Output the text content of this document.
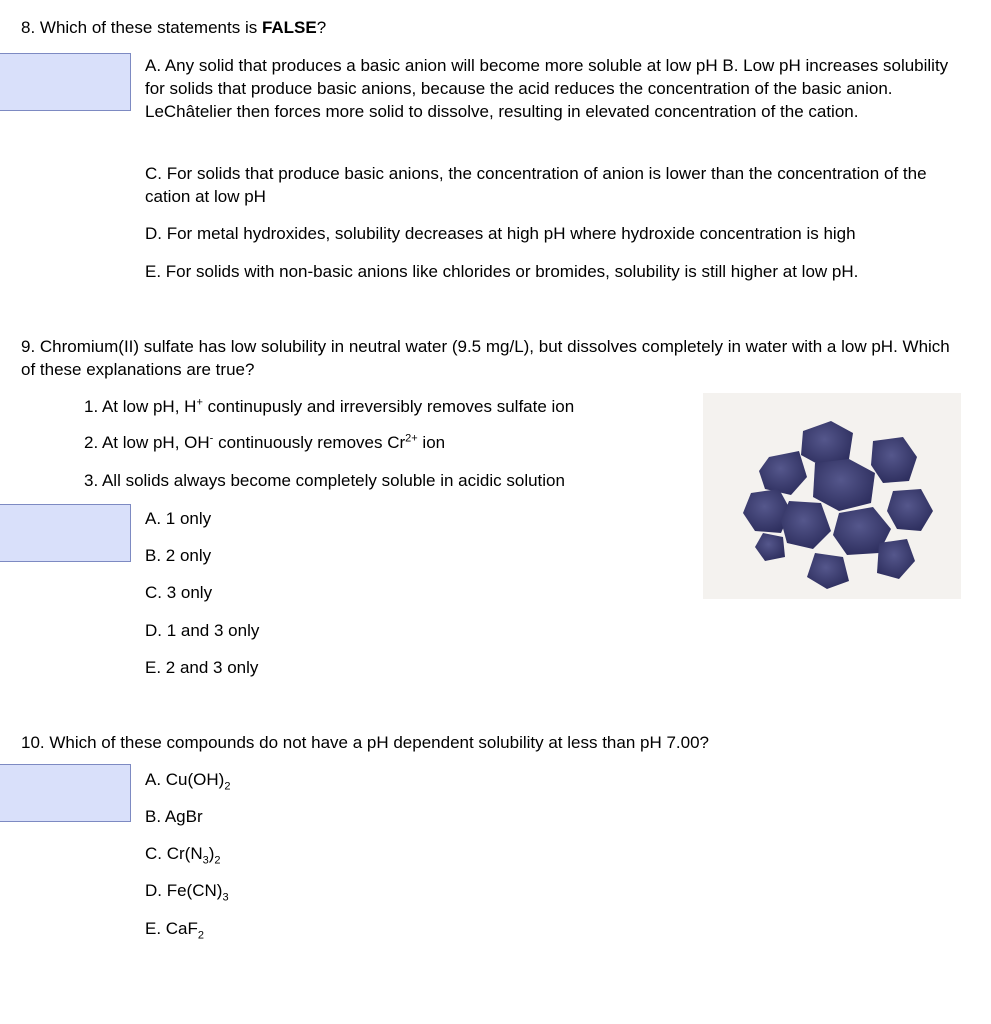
8. Which of these statements is FALSE?
A. Any solid that produces a basic anion will become more soluble at low pH B. Low pH increases solubility for solids that produce basic anions, because the acid reduces the concentration of the basic anion. LeChâtelier then forces more solid to dissolve, resulting in elevated concentration of the cation.
C. For solids that produce basic anions, the concentration of anion is lower than the concentration of the cation at low pH
D. For metal hydroxides, solubility decreases at high pH where hydroxide concentration is high
E. For solids with non-basic anions like chlorides or bromides, solubility is still higher at low pH.
9. Chromium(II) sulfate has low solubility in neutral water (9.5 mg/L), but dissolves completely in water with a low pH. Which of these explanations are true?
1. At low pH, H+ continupusly and irreversibly removes sulfate ion
2. At low pH, OH- continuously removes $Cr^{2+}$ ion
3. All solids always become completely soluble in acidic solution
A. 1 only
B. 2 only
C. 3 only
D. 1 and 3 only
E. 2 and 3 only
10. Which of these compounds do not have a pH dependent solubility at less than pH 7.00?
A. $Cu(OH)_2$
B. AgBr
C. $Cr(N_3)_2$
D. $Fe(CN)_3$
E. CaF$_2$
